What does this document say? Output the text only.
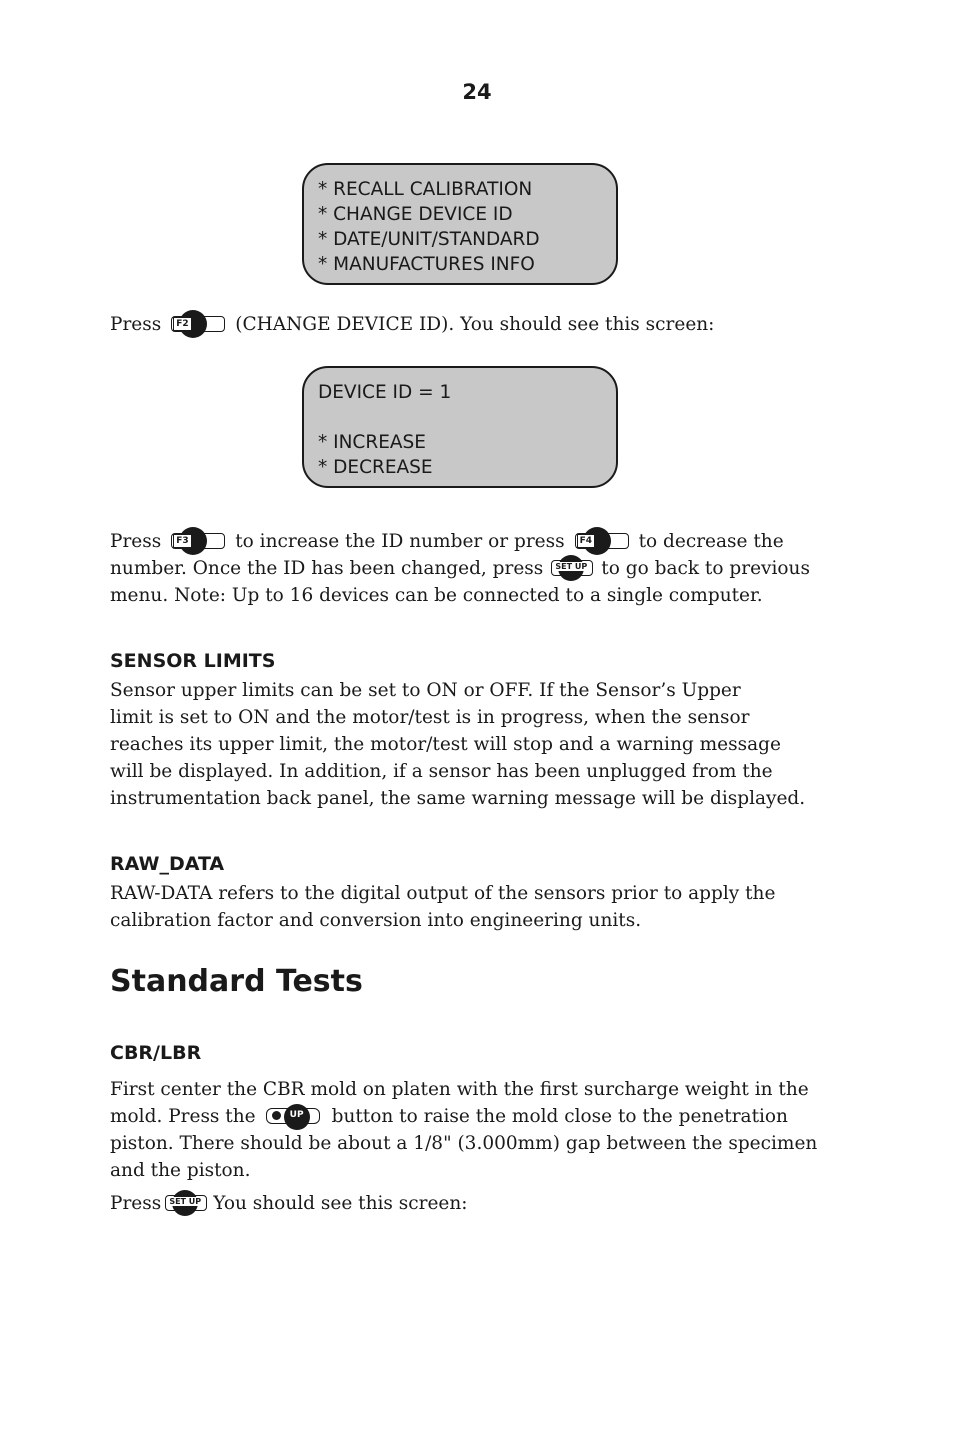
24
* RECALL CALIBRATION
* CHANGE DEVICE ID
* DATE/UNIT/STANDARD
* MANUFACTURES INFO
Press	F2	(CHANGE DEVICE ID). You should see this screen:
DEVICE ID = 1
* INCREASE
* DECREASE
Press	F3	to increase the ID number or press	F4	to decrease the
number. Once the ID has been changed, press SET UP to go back to previous
menu. Note: Up to 16 devices can be connected to a single computer.
SENSOR LIMITS
Sensor upper limits can be set to ON or OFF. If the Sensor’s Upper
limit is set to ON and the motor/test is in progress, when the sensor
reaches its upper limit, the motor/test will stop and a warning message
will be displayed. In addition, if a sensor has been unplugged from the
instrumentation back panel, the same warning message will be displayed.
RAW_DATA
RAW-DATA refers to the digital output of the sensors prior to apply the
calibration factor and conversion into engineering units.
Standard Tests
CBR/LBR
First center the CBR mold on platen with the first surcharge weight in the
mold. Press the	UP button to raise the mold close to the penetration
piston. There should be about a 1/8" (3.000mm) gap between the specimen
and the piston.
Press SET UP You should see this screen:
